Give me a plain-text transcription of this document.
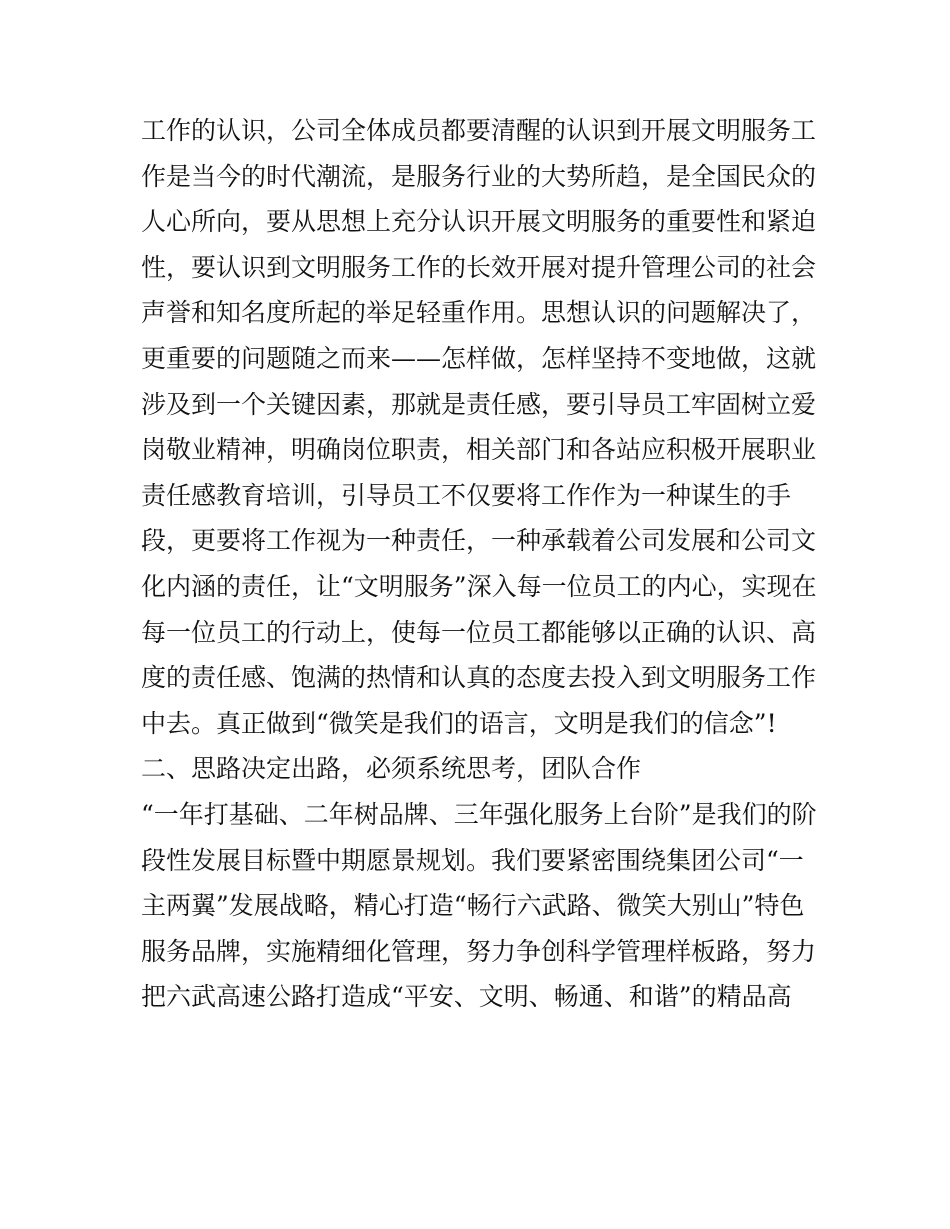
工作的认识，公司全体成员都要清醒的认识到开展文明服务工
作是当今的时代潮流，是服务行业的大势所趋，是全国民众的
人心所向，要从思想上充分认识开展文明服务的重要性和紧迫
性，要认识到文明服务工作的长效开展对提升管理公司的社会
声誉和知名度所起的举足轻重作用。思想认识的问题解决了，
更重要的问题随之而来——怎样做，怎样坚持不变地做，这就
涉及到一个关键因素，那就是责任感，要引导员工牢固树立爱
岗敬业精神，明确岗位职责，相关部门和各站应积极开展职业
责任感教育培训，引导员工不仅要将工作作为一种谋生的手
段，更要将工作视为一种责任，一种承载着公司发展和公司文
化内涵的责任，让“文明服务”深入每一位员工的内心，实现在
每一位员工的行动上，使每一位员工都能够以正确的认识、高
度的责任感、饱满的热情和认真的态度去投入到文明服务工作
中去。真正做到“微笑是我们的语言，文明是我们的信念”!
二、思路决定出路，必须系统思考，团队合作
“一年打基础、二年树品牌、三年强化服务上台阶”是我们的阶
段性发展目标暨中期愿景规划。我们要紧密围绕集团公司“一
主两翼”发展战略，精心打造“畅行六武路、微笑大别山”特色
服务品牌，实施精细化管理，努力争创科学管理样板路，努力
把六武高速公路打造成“平安、文明、畅通、和谐”的精品高
